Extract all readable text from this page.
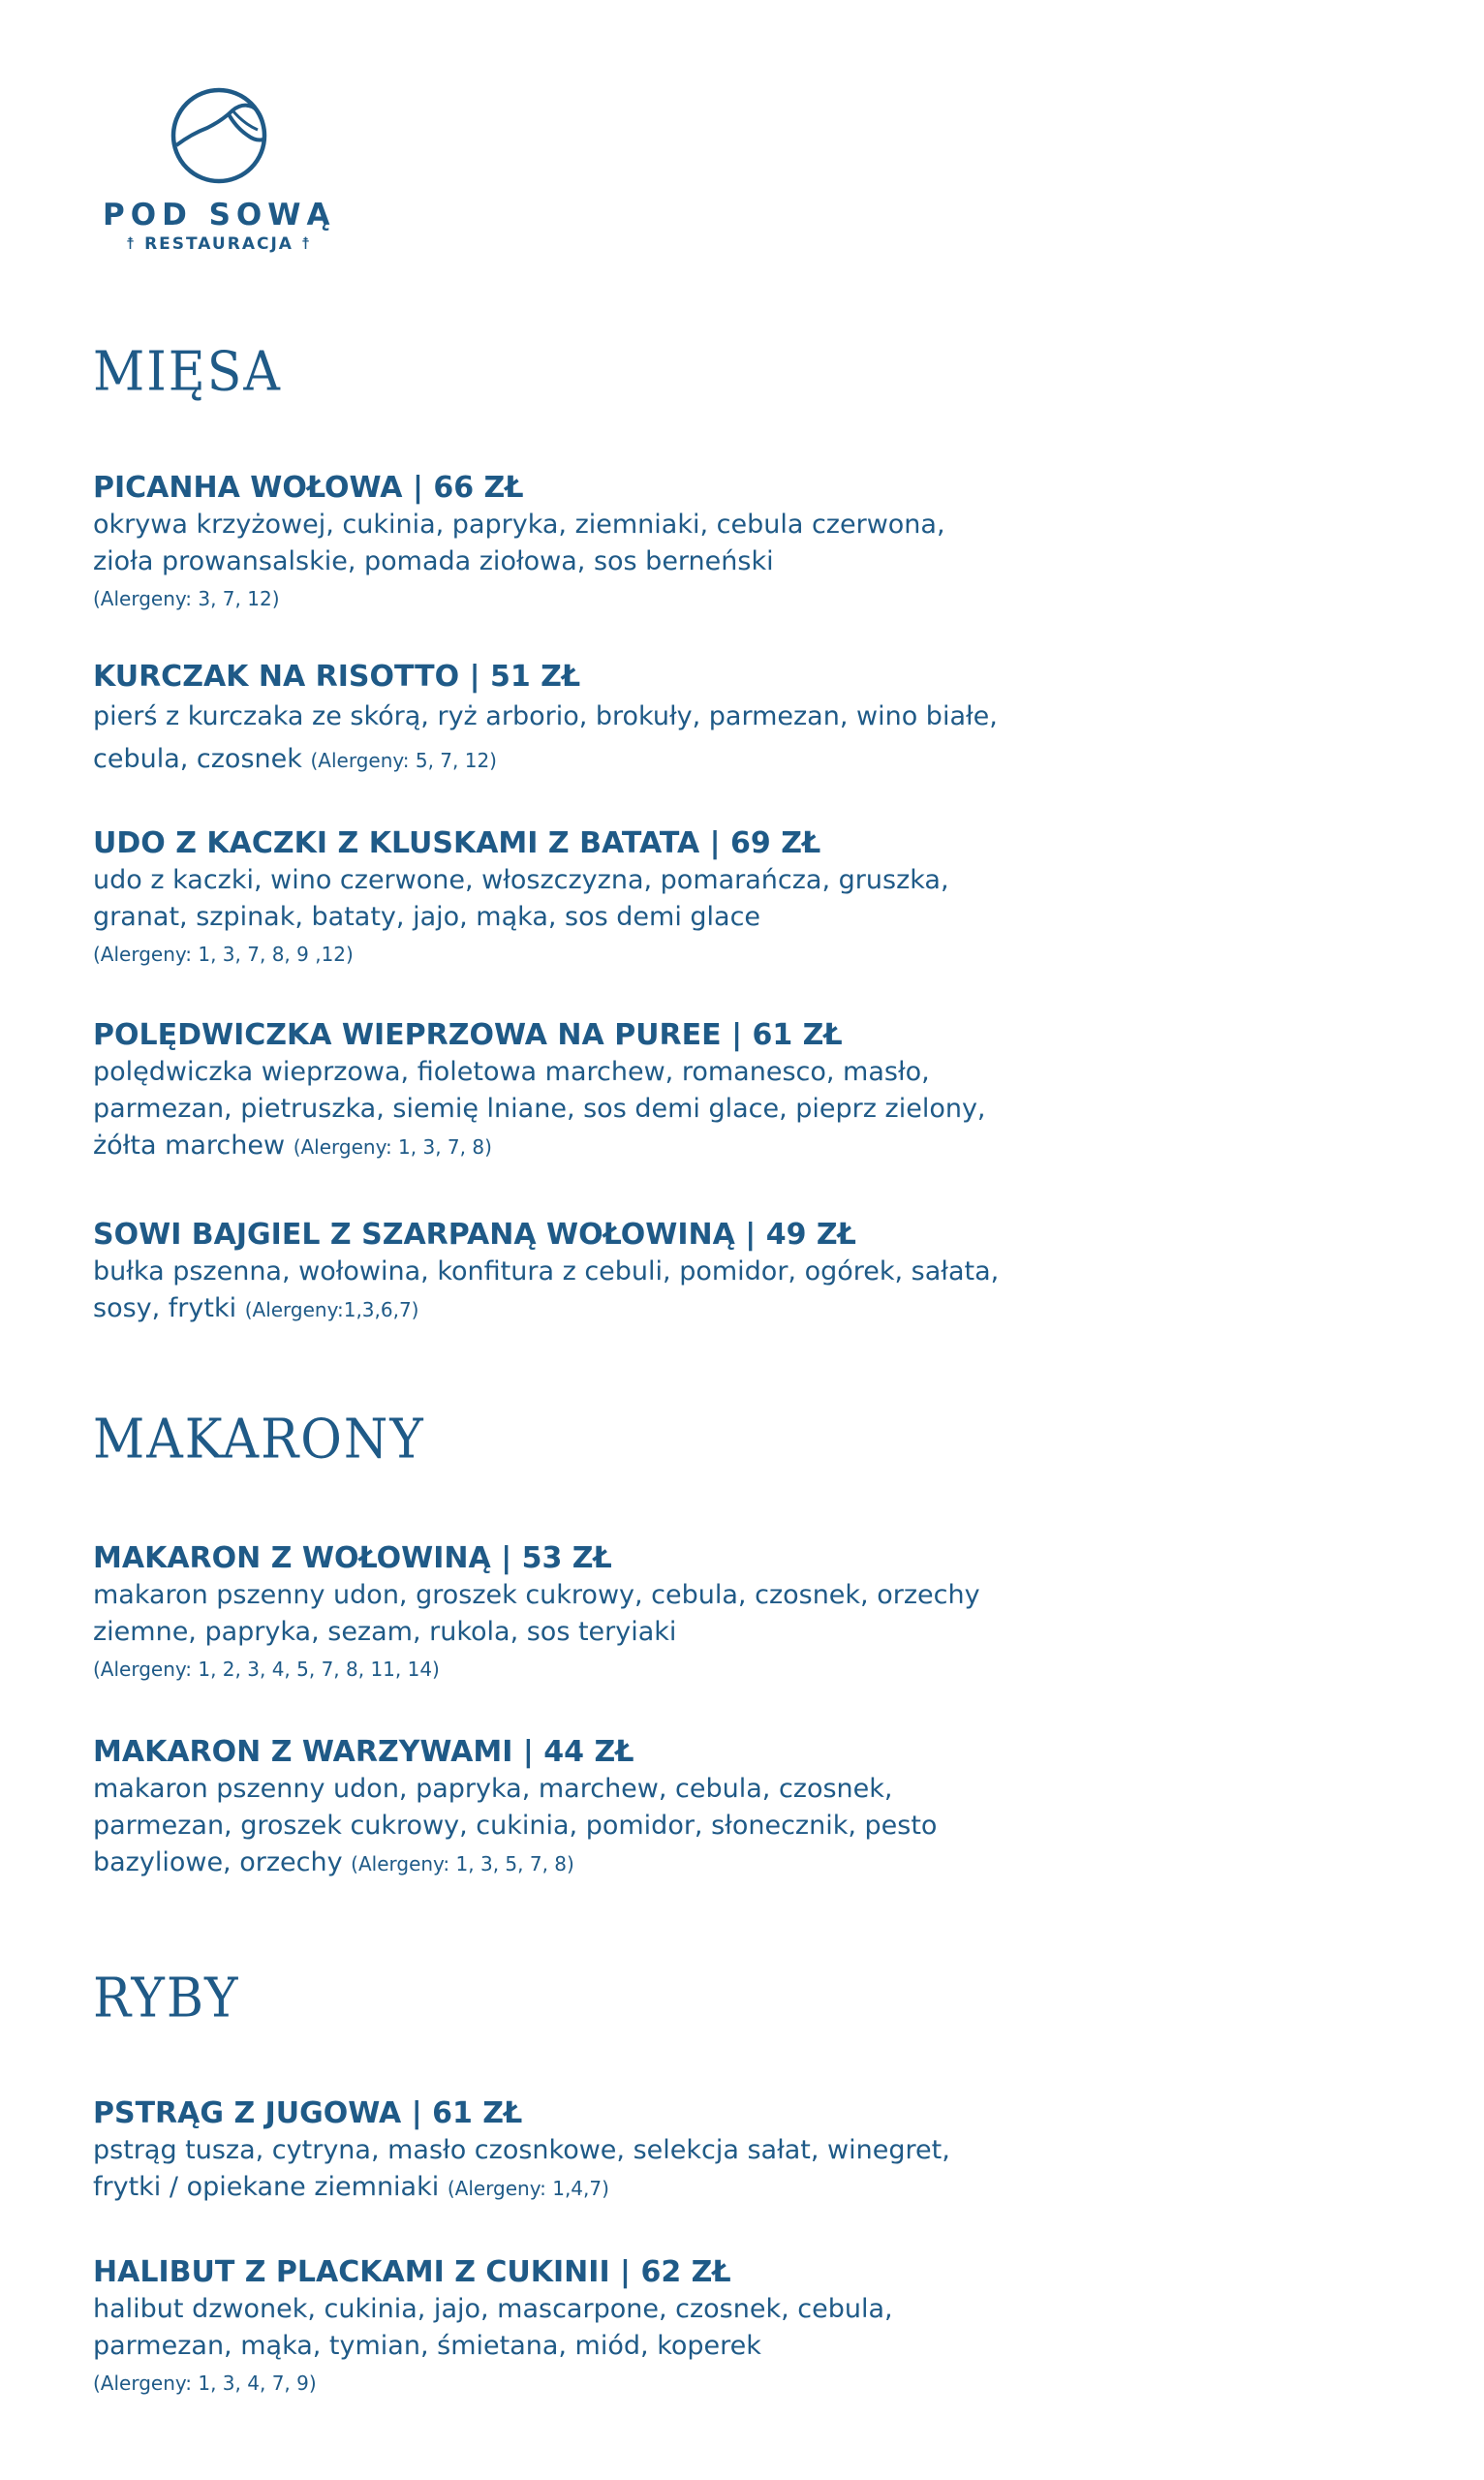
POD SOWĄ
☨ RESTAURACJA ☨
MIĘSA
PICANHA WOŁOWA | 66 ZŁ
okrywa krzyżowej, cukinia, papryka, ziemniaki, cebula czerwona,
zioła prowansalskie, pomada ziołowa, sos berneński
(Alergeny: 3, 7, 12)
KURCZAK NA RISOTTO | 51 ZŁ
pierś z kurczaka ze skórą, ryż arborio, brokuły, parmezan, wino białe,
cebula, czosnek (Alergeny: 5, 7, 12)
UDO Z KACZKI Z KLUSKAMI Z BATATA | 69 ZŁ
udo z kaczki, wino czerwone, włoszczyzna, pomarańcza, gruszka,
granat, szpinak, bataty, jajo, mąka, sos demi glace
(Alergeny: 1, 3, 7, 8, 9 ,12)
POLĘDWICZKA WIEPRZOWA NA PUREE | 61 ZŁ
polędwiczka wieprzowa, fioletowa marchew, romanesco, masło,
parmezan, pietruszka, siemię lniane, sos demi glace, pieprz zielony,
żółta marchew (Alergeny: 1, 3, 7, 8)
SOWI BAJGIEL Z SZARPANĄ WOŁOWINĄ | 49 ZŁ
bułka pszenna, wołowina, konfitura z cebuli, pomidor, ogórek, sałata,
sosy, frytki (Alergeny:1,3,6,7)
MAKARONY
MAKARON Z WOŁOWINĄ | 53 ZŁ
makaron pszenny udon, groszek cukrowy, cebula, czosnek, orzechy
ziemne, papryka, sezam, rukola, sos teryiaki
(Alergeny: 1, 2, 3, 4, 5, 7, 8, 11, 14)
MAKARON Z WARZYWAMI | 44 ZŁ
makaron pszenny udon, papryka, marchew, cebula, czosnek,
parmezan, groszek cukrowy, cukinia, pomidor, słonecznik, pesto
bazyliowe, orzechy (Alergeny: 1, 3, 5, 7, 8)
RYBY
PSTRĄG Z JUGOWA | 61 ZŁ
pstrąg tusza, cytryna, masło czosnkowe, selekcja sałat, winegret,
frytki / opiekane ziemniaki (Alergeny: 1,4,7)
HALIBUT Z PLACKAMI Z CUKINII | 62 ZŁ
halibut dzwonek, cukinia, jajo, mascarpone, czosnek, cebula,
parmezan, mąka, tymian, śmietana, miód, koperek
(Alergeny: 1, 3, 4, 7, 9)
